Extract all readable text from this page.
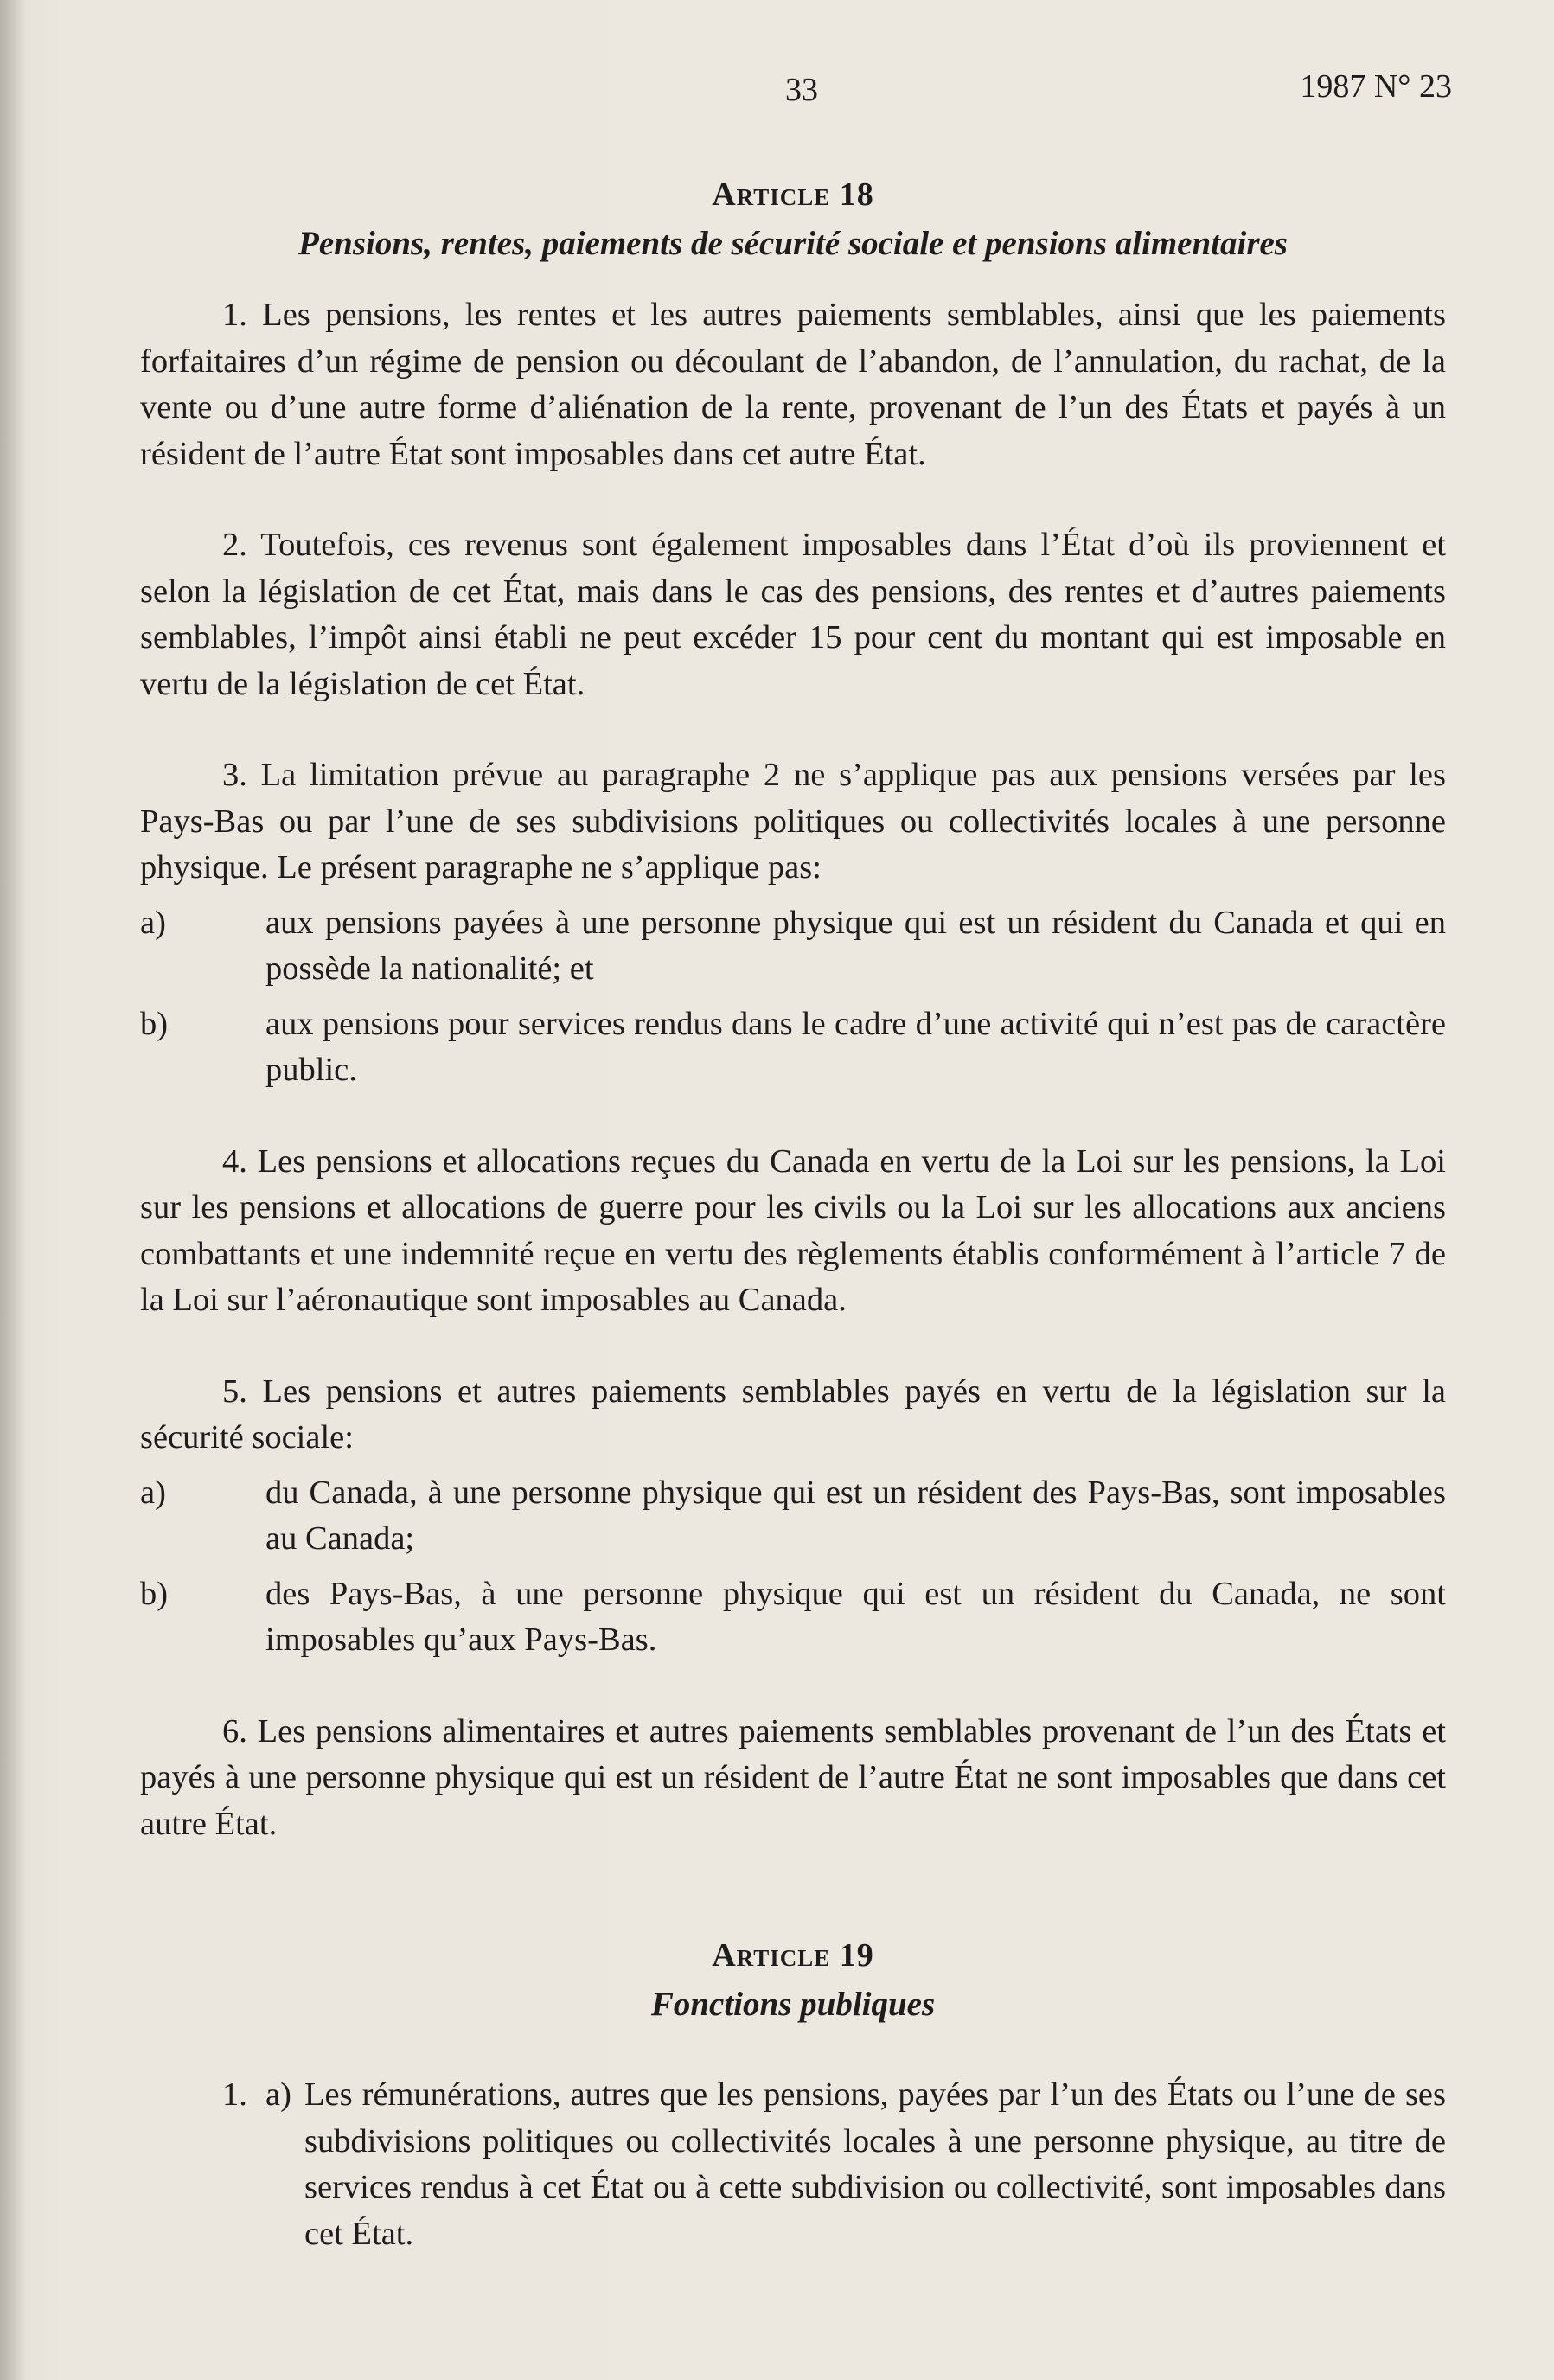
33	1987 N° 23
Article 18
Pensions, rentes, paiements de sécurité sociale et pensions alimentaires

1. Les pensions, les rentes et les autres paiements semblables, ainsi que les paiements forfaitaires d’un régime de pension ou découlant de l’abandon, de l’annulation, du rachat, de la vente ou d’une autre forme d’aliénation de la rente, provenant de l’un des États et payés à un résident de l’autre État sont imposables dans cet autre État.

2. Toutefois, ces revenus sont également imposables dans l’État d’où ils proviennent et selon la législation de cet État, mais dans le cas des pensions, des rentes et d’autres paiements semblables, l’impôt ainsi établi ne peut excéder 15 pour cent du montant qui est imposable en vertu de la législation de cet État.

3. La limitation prévue au paragraphe 2 ne s’applique pas aux pensions versées par les Pays-Bas ou par l’une de ses subdivisions politiques ou collectivités locales à une personne physique. Le présent paragraphe ne s’applique pas:

a)	aux pensions payées à une personne physique qui est un résident du Canada et qui en possède la nationalité; et
b)	aux pensions pour services rendus dans le cadre d’une activité qui n’est pas de caractère public.

4. Les pensions et allocations reçues du Canada en vertu de la Loi sur les pensions, la Loi sur les pensions et allocations de guerre pour les civils ou la Loi sur les allocations aux anciens combattants et une indemnité reçue en vertu des règlements établis conformément à l’article 7 de la Loi sur l’aéronautique sont imposables au Canada.

5. Les pensions et autres paiements semblables payés en vertu de la législation sur la sécurité sociale:

a)	du Canada, à une personne physique qui est un résident des Pays-Bas, sont imposables au Canada;
b)	des Pays-Bas, à une personne physique qui est un résident du Canada, ne sont imposables qu’aux Pays-Bas.

6. Les pensions alimentaires et autres paiements semblables provenant de l’un des États et payés à une personne physique qui est un résident de l’autre État ne sont imposables que dans cet autre État.

Article 19
Fonctions publiques
1. a) Les rémunérations, autres que les pensions, payées par l’un des États ou l’une de ses subdivisions politiques ou collectivités locales à une personne physique, au titre de services rendus à cet État ou à cette subdivision ou collectivité, sont imposables dans cet État.
